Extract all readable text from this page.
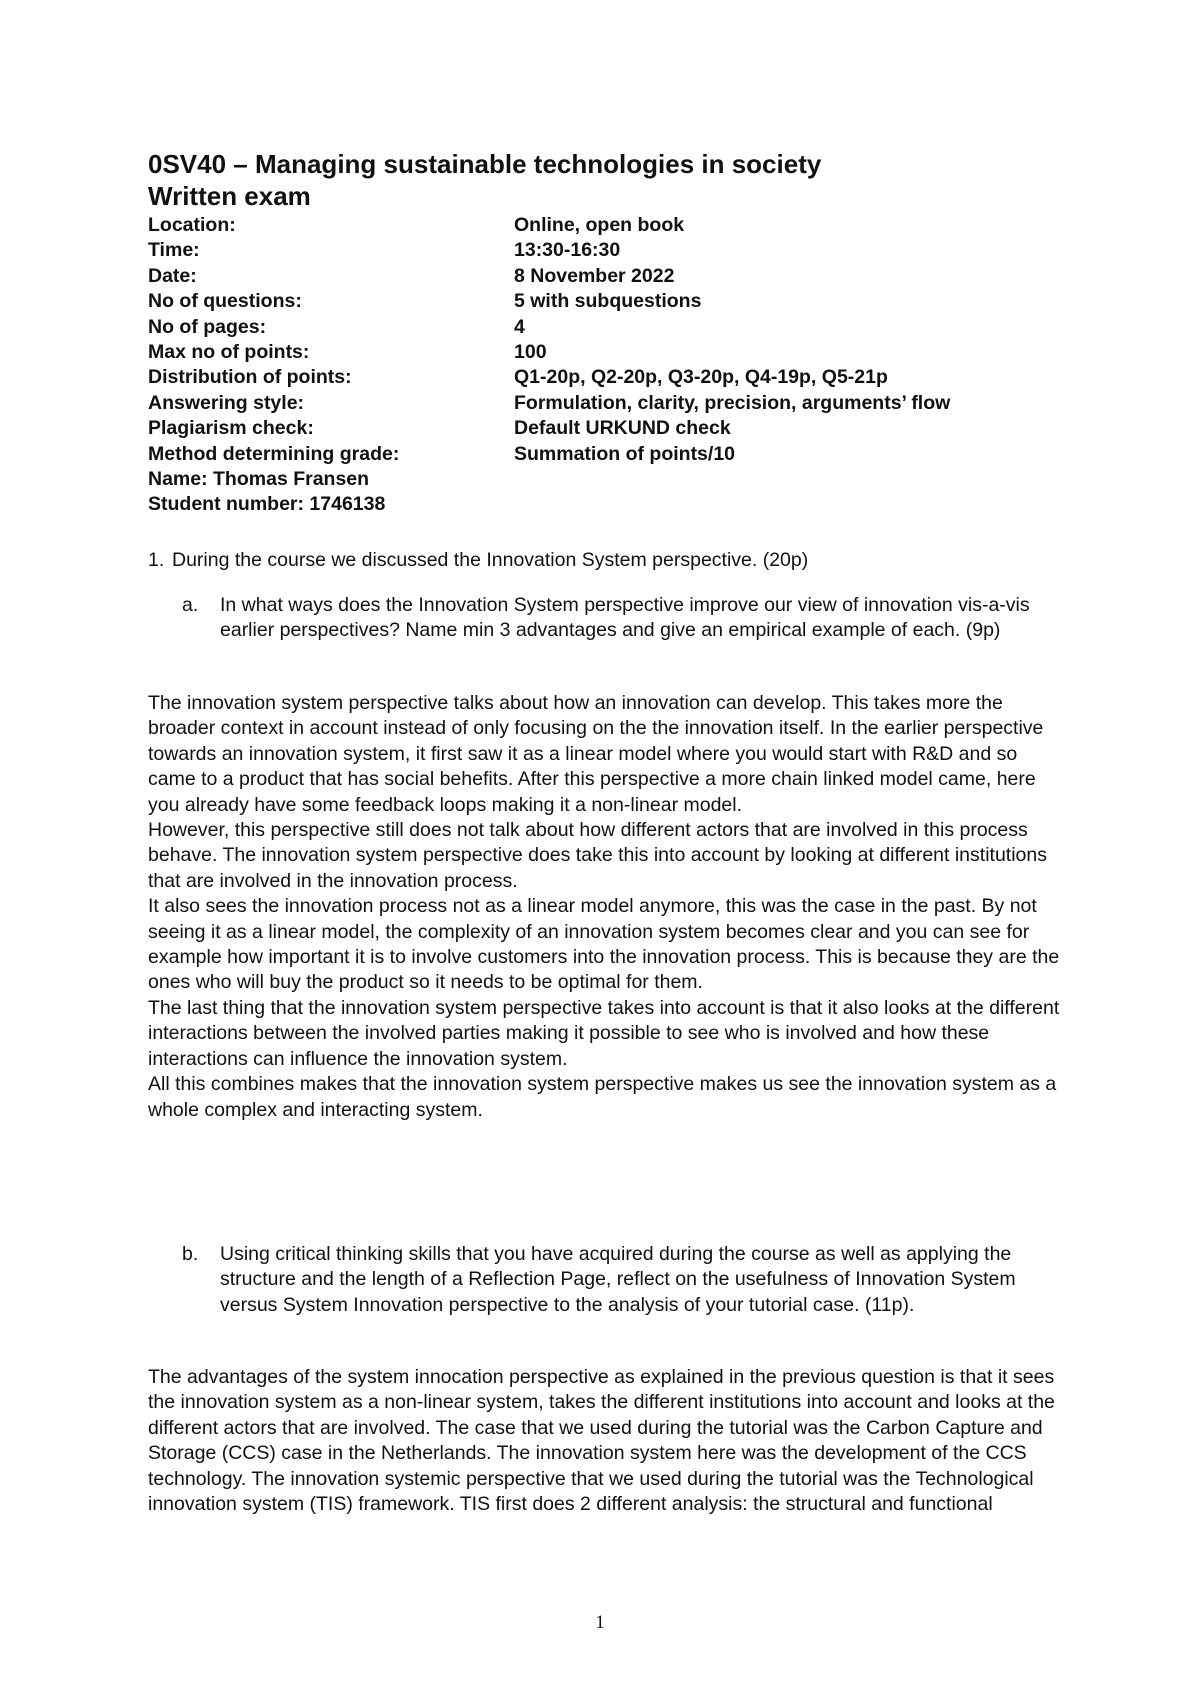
0SV40 – Managing sustainable technologies in society
Written exam
Location:	Online, open book
Time:	13:30-16:30
Date:	8 November 2022
No of questions:	5 with subquestions
No of pages:	4
Max no of points:	100
Distribution of points:	Q1-20p, Q2-20p, Q3-20p, Q4-19p, Q5-21p
Answering style:	Formulation, clarity, precision, arguments’ flow
Plagiarism check:	Default URKUND check
Method determining grade:	Summation of points/10
Name: Thomas Fransen
Student number: 1746138
1. During the course we discussed the Innovation System perspective. (20p)
a. In what ways does the Innovation System perspective improve our view of innovation vis-a-vis earlier perspectives? Name min 3 advantages and give an empirical example of each. (9p)

The innovation system perspective talks about how an innovation can develop. This takes more the broader context in account instead of only focusing on the the innovation itself. In the earlier perspective towards an innovation system, it first saw it as a linear model where you would start with R&D and so came to a product that has social behefits. After this perspective a more chain linked model came, here you already have some feedback loops making it a non-linear model.

However, this perspective still does not talk about how different actors that are involved in this process behave. The innovation system perspective does take this into account by looking at different institutions that are involved in the innovation process.

It also sees the innovation process not as a linear model anymore, this was the case in the past. By not seeing it as a linear model, the complexity of an innovation system becomes clear and you can see for example how important it is to involve customers into the innovation process. This is because they are the ones who will buy the product so it needs to be optimal for them.

The last thing that the innovation system perspective takes into account is that it also looks at the different interactions between the involved parties making it possible to see who is involved and how these interactions can influence the innovation system.

All this combines makes that the innovation system perspective makes us see the innovation system as a whole complex and interacting system.

b. Using critical thinking skills that you have acquired during the course as well as applying the structure and the length of a Reflection Page, reflect on the usefulness of Innovation System versus System Innovation perspective to the analysis of your tutorial case. (11p).

The advantages of the system innocation perspective as explained in the previous question is that it sees the innovation system as a non-linear system, takes the different institutions into account and looks at the different actors that are involved. The case that we used during the tutorial was the Carbon Capture and Storage (CCS) case in the Netherlands. The innovation system here was the development of the CCS technology. The innovation systemic perspective that we used during the tutorial was the Technological innovation system (TIS) framework. TIS first does 2 different analysis: the structural and functional

1
